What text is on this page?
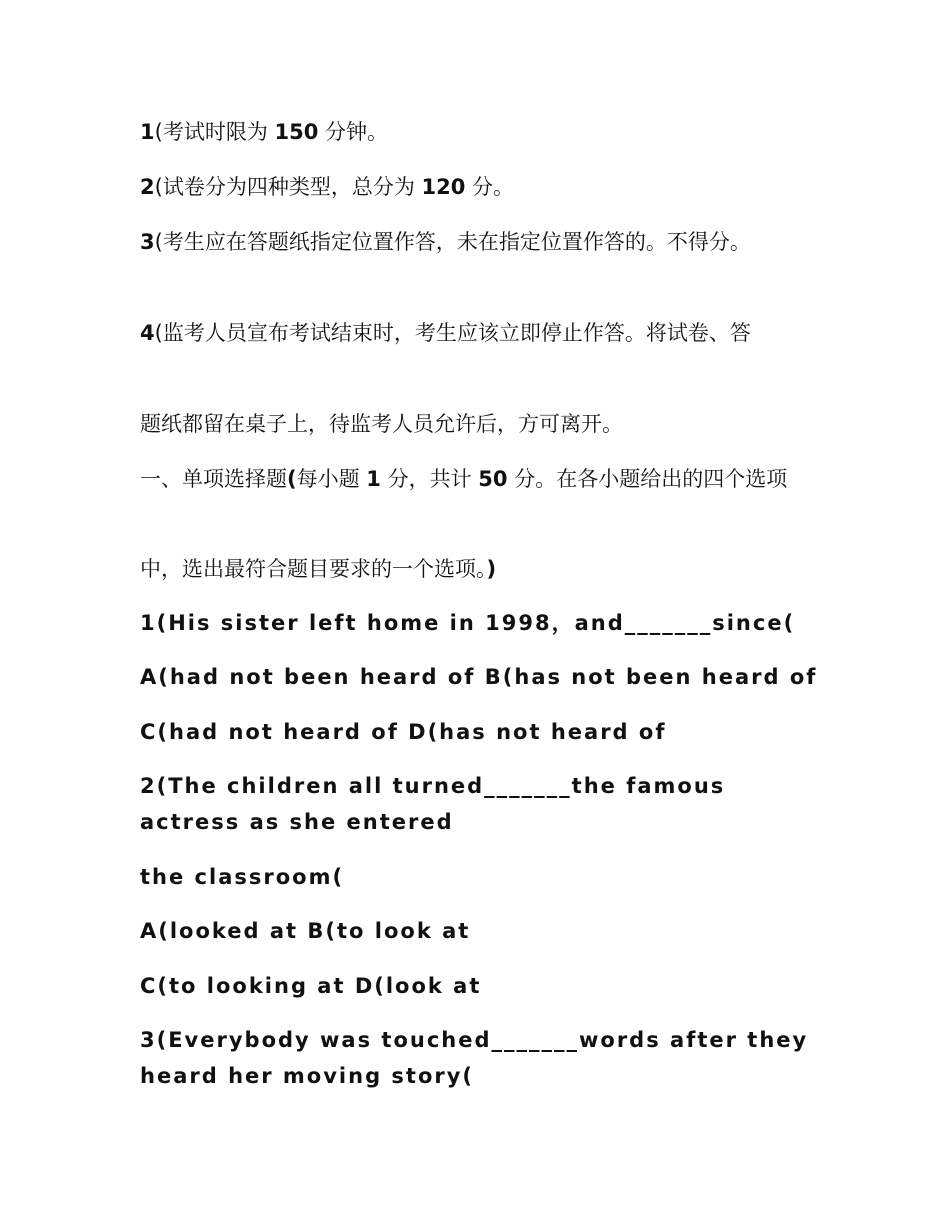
1(考试时限为 150 分钟。
2(试卷分为四种类型，总分为 120 分。
3(考生应在答题纸指定位置作答，未在指定位置作答的。不得分。
4(监考人员宣布考试结束时，考生应该立即停止作答。将试卷、答
题纸都留在桌子上，待监考人员允许后，方可离开。
一、单项选择题(每小题 1 分，共计 50 分。在各小题给出的四个选项
中，选出最符合题目要求的一个选项。)
1(His sister left home in 1998，and_______since(
A(had not been heard of B(has not been heard of
C(had not heard of D(has not heard of
2(The children all turned_______the famous actress as she entered
the classroom(
A(looked at B(to look at
C(to looking at D(look at
3(Everybody was touched_______words after they heard her moving story(
